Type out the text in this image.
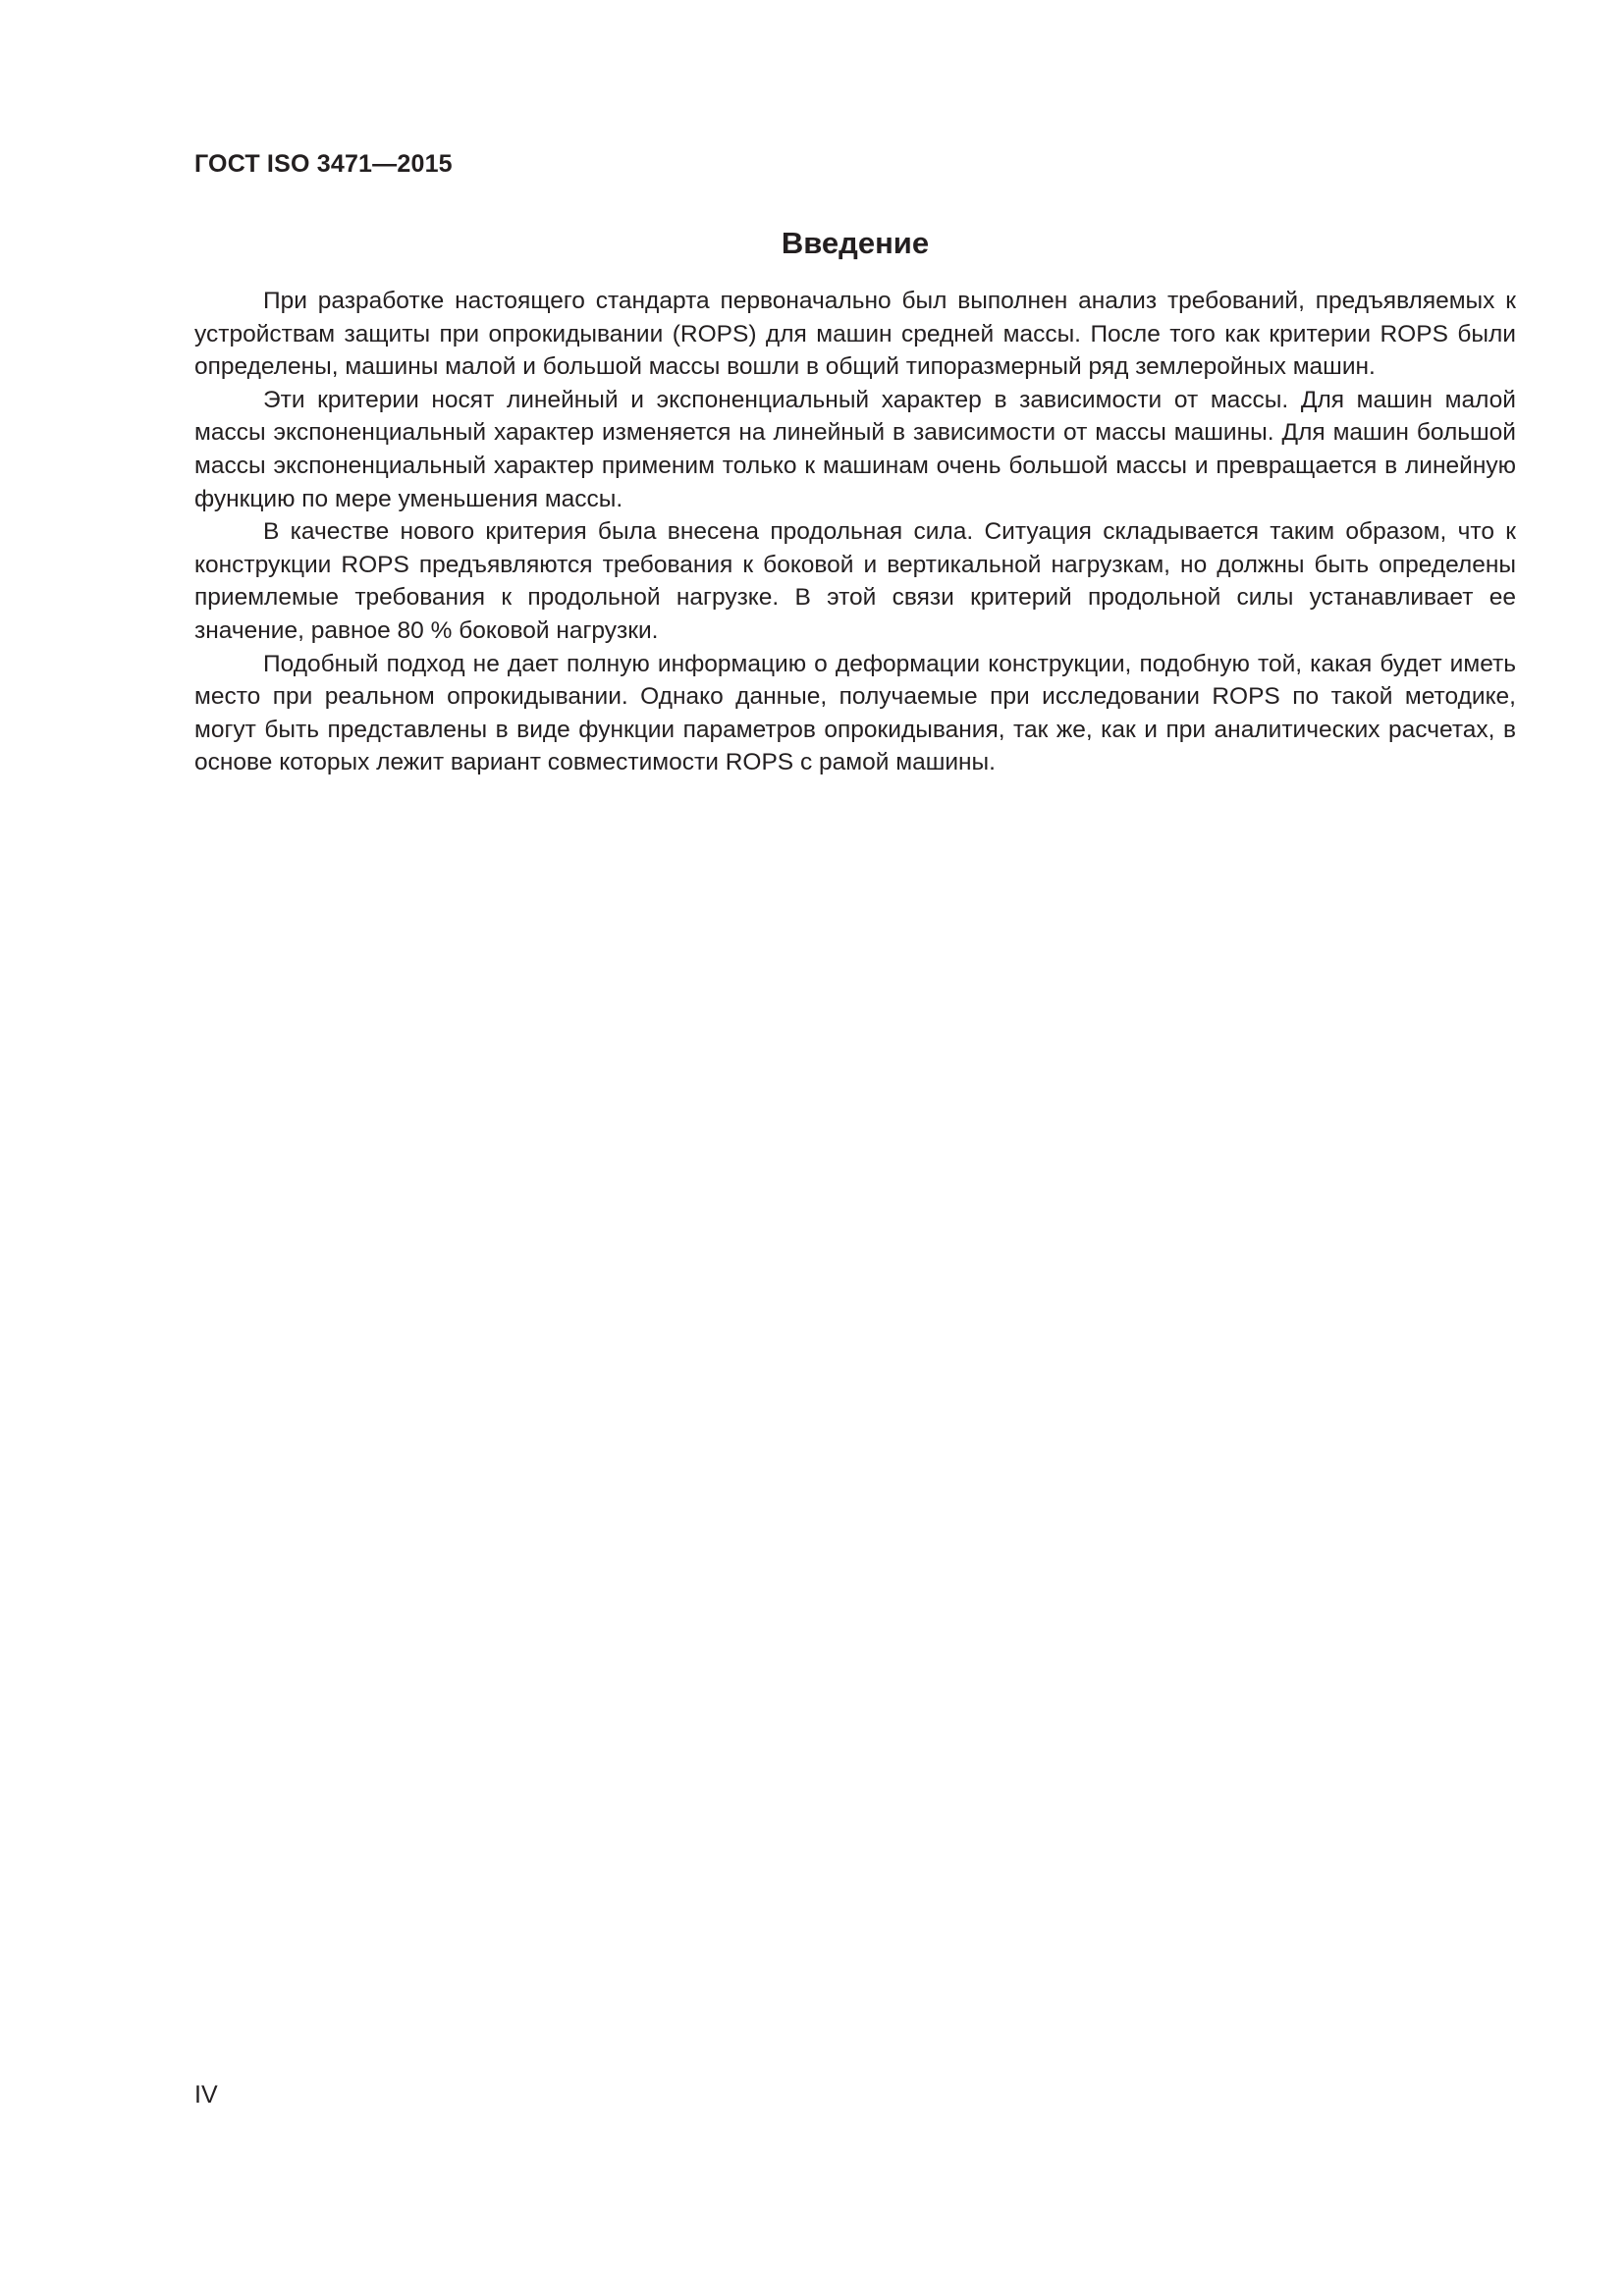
ГОСТ ISO 3471—2015
Введение

При разработке настоящего стандарта первоначально был выполнен анализ требований, предъявляемых к устройствам защиты при опрокидывании (ROPS) для машин средней массы. После того как критерии ROPS были определены, машины малой и большой массы вошли в общий типоразмерный ряд землеройных машин.

Эти критерии носят линейный и экспоненциальный характер в зависимости от массы. Для машин малой массы экспоненциальный характер изменяется на линейный в зависимости от массы машины. Для машин большой массы экспоненциальный характер применим только к машинам очень большой массы и превращается в линейную функцию по мере уменьшения массы.

В качестве нового критерия была внесена продольная сила. Ситуация складывается таким образом, что к конструкции ROPS предъявляются требования к боковой и вертикальной нагрузкам, но должны быть определены приемлемые требования к продольной нагрузке. В этой связи критерий продольной силы устанавливает ее значение, равное 80 % боковой нагрузки.

Подобный подход не дает полную информацию о деформации конструкции, подобную той, какая будет иметь место при реальном опрокидывании. Однако данные, получаемые при исследовании ROPS по такой методике, могут быть представлены в виде функции параметров опрокидывания, так же, как и при аналитических расчетах, в основе которых лежит вариант совместимости ROPS с рамой машины.

IV
